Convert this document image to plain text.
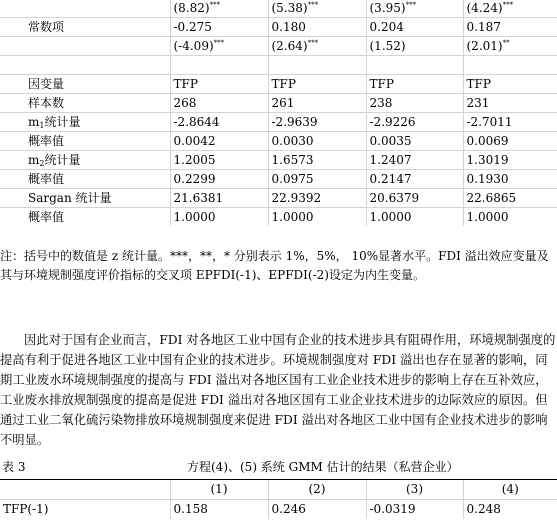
	(8.82)***	(5.38)***	(3.95)***	(4.24)***
常数项	-0.275	0.180	0.204	0.187
	(-4.09)***	(2.64)***	(1.52)	(2.01)**

因变量	TFP	TFP	TFP	TFP
样本数	268	261	238	231
$m_1$统计量	-2.8644	-2.9639	-2.9226	-2.7011
概率值	0.0042	0.0030	0.0035	0.0069
$m_2$统计量	1.2005	1.6573	1.2407	1.3019
概率值	0.2299	0.0975	0.2147	0.1930
Sargan 统计量	21.6381	22.9392	20.6379	22.6865
概率值	1.0000	1.0000	1.0000	1.0000

注：括号中的数值是 z 统计量。***，**，* 分别表示 1%，5%， 10%显著水平。FDI 溢出效应变量及其与环境规制强度评价指标的交叉项 EPFDI(-1)、EPFDI(-2)设定为内生变量。

因此对于国有企业而言，FDI 对各地区工业中国有企业的技术进步具有阻碍作用，环境规制强度的提高有利于促进各地区工业中国有企业的技术进步。环境规制强度对 FDI 溢出也存在显著的影响，同期工业废水环境规制强度的提高与 FDI 溢出对各地区国有工业企业技术进步的影响上存在互补效应，工业废水排放规制强度的提高是促进 FDI 溢出对各地区国有工业企业技术进步的边际效应的原因。但通过工业二氧化硫污染物排放环境规制强度来促进 FDI 溢出对各地区工业中国有企业技术进步的影响不明显。

表 3	方程(4)、(5) 系统 GMM 估计的结果（私营企业）
	(1)	(2)	(3)	(4)
TFP(-1)	0.158	0.246	-0.0319	0.248
